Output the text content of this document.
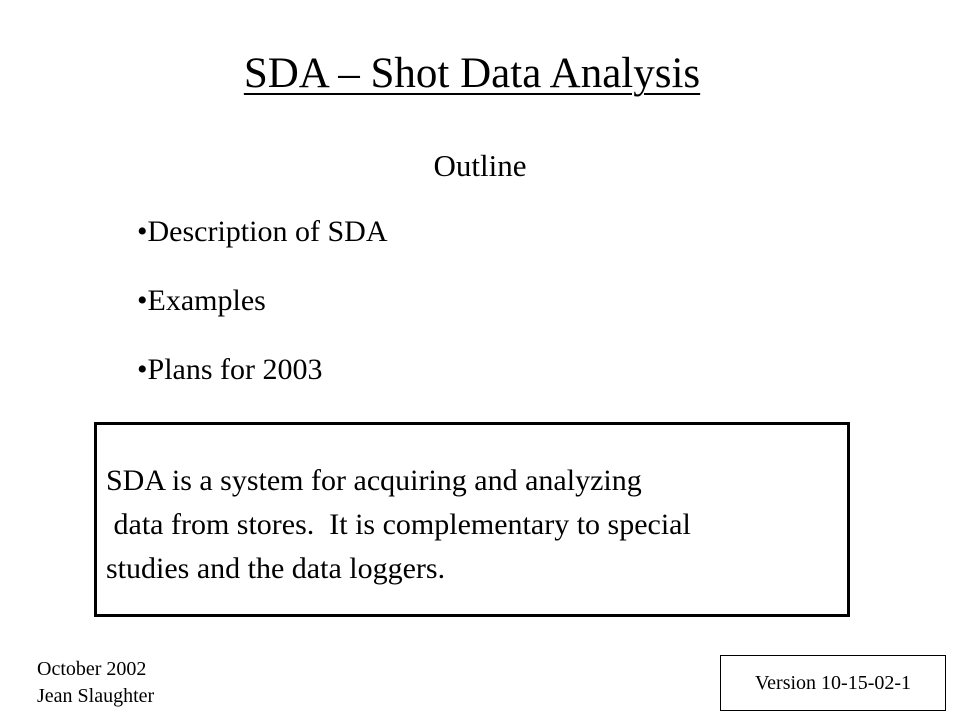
SDA – Shot Data Analysis
Outline
•Description of SDA
•Examples
•Plans for 2003

SDA is a system for acquiring and analyzing
data from stores.  It is complementary to special
studies and the data loggers.

October 2002
Jean Slaughter
Version 10-15-02-1
